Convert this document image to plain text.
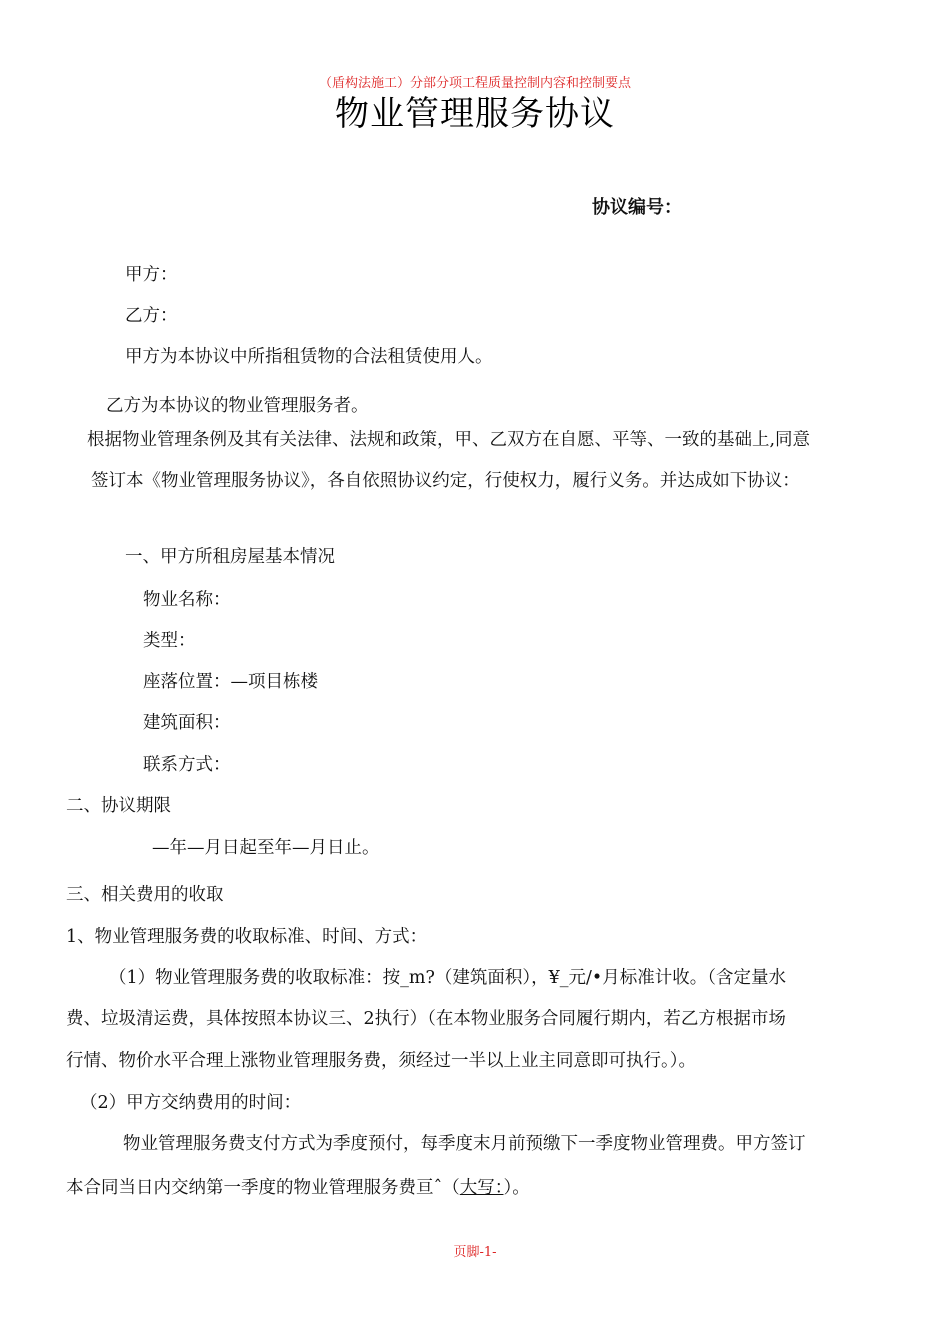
（盾构法施工）分部分项工程质量控制内容和控制要点
物业管理服务协议
协议编号：
甲方：
乙方：
甲方为本协议中所指租赁物的合法租赁使用人。
乙方为本协议的物业管理服务者。
根据物业管理条例及其有关法律、法规和政策，甲、乙双方在自愿、平等、一致的基础上,同意
签订本《物业管理服务协议》，各自依照协议约定，行使权力，履行义务。并达成如下协议：
一、甲方所租房屋基本情况
物业名称：
类型：
座落位置：—项目栋楼
建筑面积：
联系方式：
二、协议期限
—年—月日起至年—月日止。
三、相关费用的收取
1、物业管理服务费的收取标准、时间、方式：
（1）物业管理服务费的收取标准：按_m?（建筑面积），¥_元/•月标准计收。（含定量水
费、垃圾清运费，具体按照本协议三、2执行）（在本物业服务合同履行期内，若乙方根据市场
行情、物价水平合理上涨物业管理服务费，须经过一半以上业主同意即可执行。）。
（2）甲方交纳费用的时间：
物业管理服务费支付方式为季度预付，每季度末月前预缴下一季度物业管理费。甲方签订
本合同当日内交纳第一季度的物业管理服务费亘ˆ（大写：）。
页脚-1-
